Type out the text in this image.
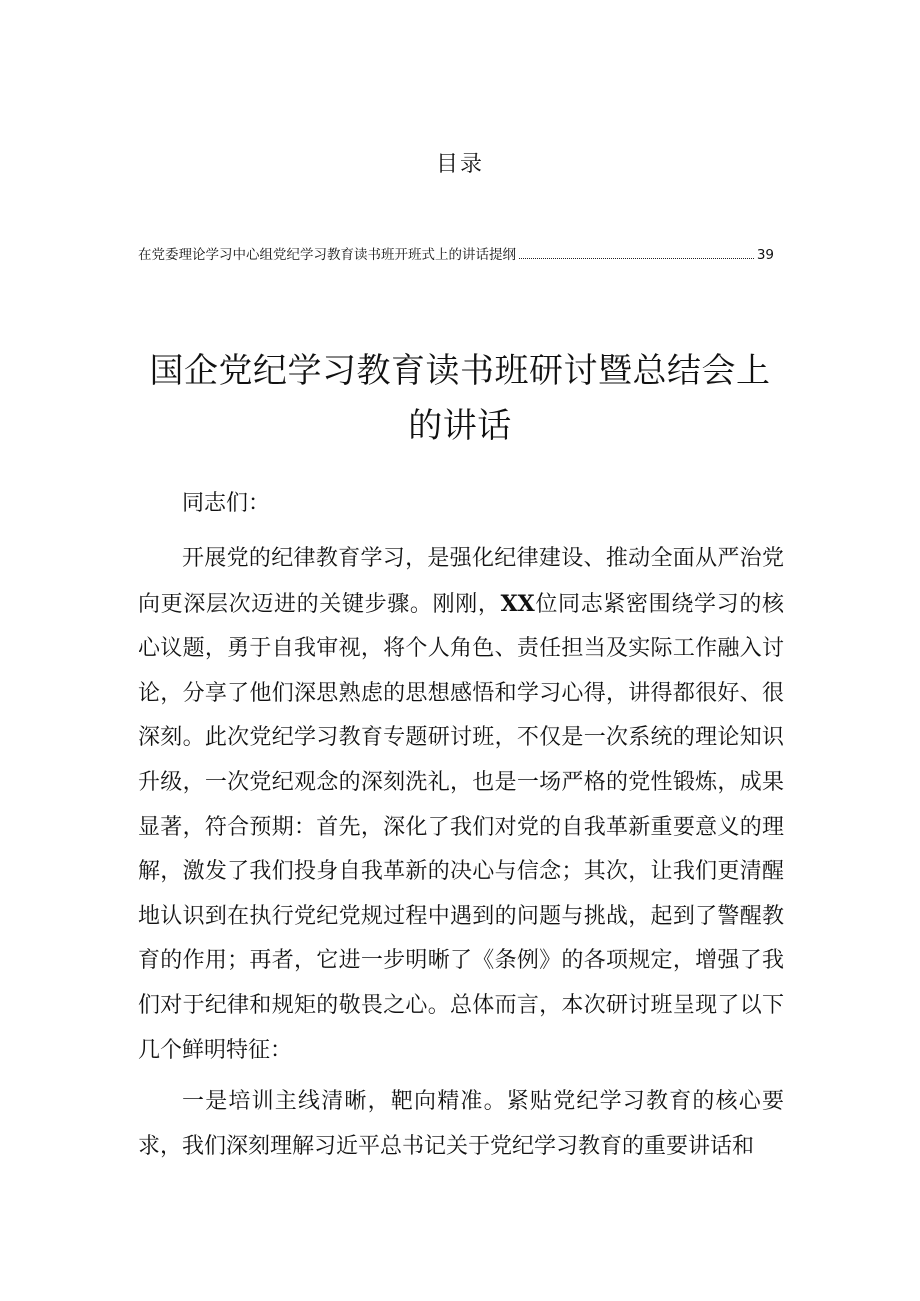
目录
在党委理论学习中心组党纪学习教育读书班开班式上的讲话提纲	39
国企党纪学习教育读书班研讨暨总结会上的讲话

同志们：

开展党的纪律教育学习，是强化纪律建设、推动全面从严治党向更深层次迈进的关键步骤。刚刚，XX位同志紧密围绕学习的核心议题，勇于自我审视，将个人角色、责任担当及实际工作融入讨论，分享了他们深思熟虑的思想感悟和学习心得，讲得都很好、很深刻。此次党纪学习教育专题研讨班，不仅是一次系统的理论知识升级，一次党纪观念的深刻洗礼，也是一场严格的党性锻炼，成果显著，符合预期：首先，深化了我们对党的自我革新重要意义的理解，激发了我们投身自我革新的决心与信念；其次，让我们更清醒地认识到在执行党纪党规过程中遇到的问题与挑战，起到了警醒教育的作用；再者，它进一步明晰了《条例》的各项规定，增强了我们对于纪律和规矩的敬畏之心。总体而言，本次研讨班呈现了以下几个鲜明特征：

一是培训主线清晰，靶向精准。紧贴党纪学习教育的核心要求，我们深刻理解习近平总书记关于党纪学习教育的重要讲话和
